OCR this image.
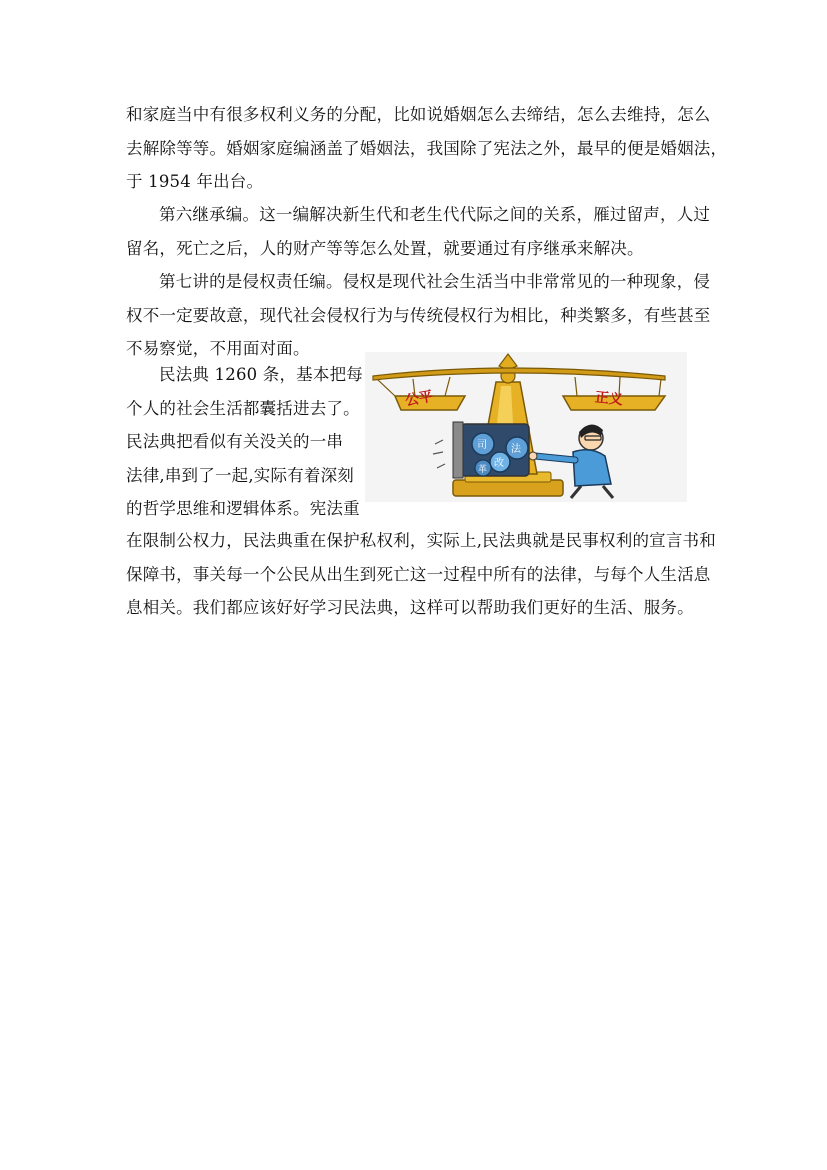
和家庭当中有很多权利义务的分配，比如说婚姻怎么去缔结，怎么去维持，怎么
去解除等等。婚姻家庭编涵盖了婚姻法，我国除了宪法之外，最早的便是婚姻法，
于 1954 年出台。
第六继承编。这一编解决新生代和老生代代际之间的关系，雁过留声，人过
留名，死亡之后，人的财产等等怎么处置，就要通过有序继承来解决。
第七讲的是侵权责任编。侵权是现代社会生活当中非常常见的一种现象，侵
权不一定要故意，现代社会侵权行为与传统侵权行为相比，种类繁多，有些甚至
不易察觉，不用面对面。
民法典 1260 条，基本把每
个人的社会生活都囊括进去了。
民法典把看似有关没关的一串
法律,串到了一起,实际有着深刻
的哲学思维和逻辑体系。宪法重
在限制公权力，民法典重在保护私权利，实际上,民法典就是民事权利的宣言书和
保障书，事关每一个公民从出生到死亡这一过程中所有的法律，与每个人生活息
息相关。我们都应该好好学习民法典，这样可以帮助我们更好的生活、服务。
公平	正义
司 法
改
革
